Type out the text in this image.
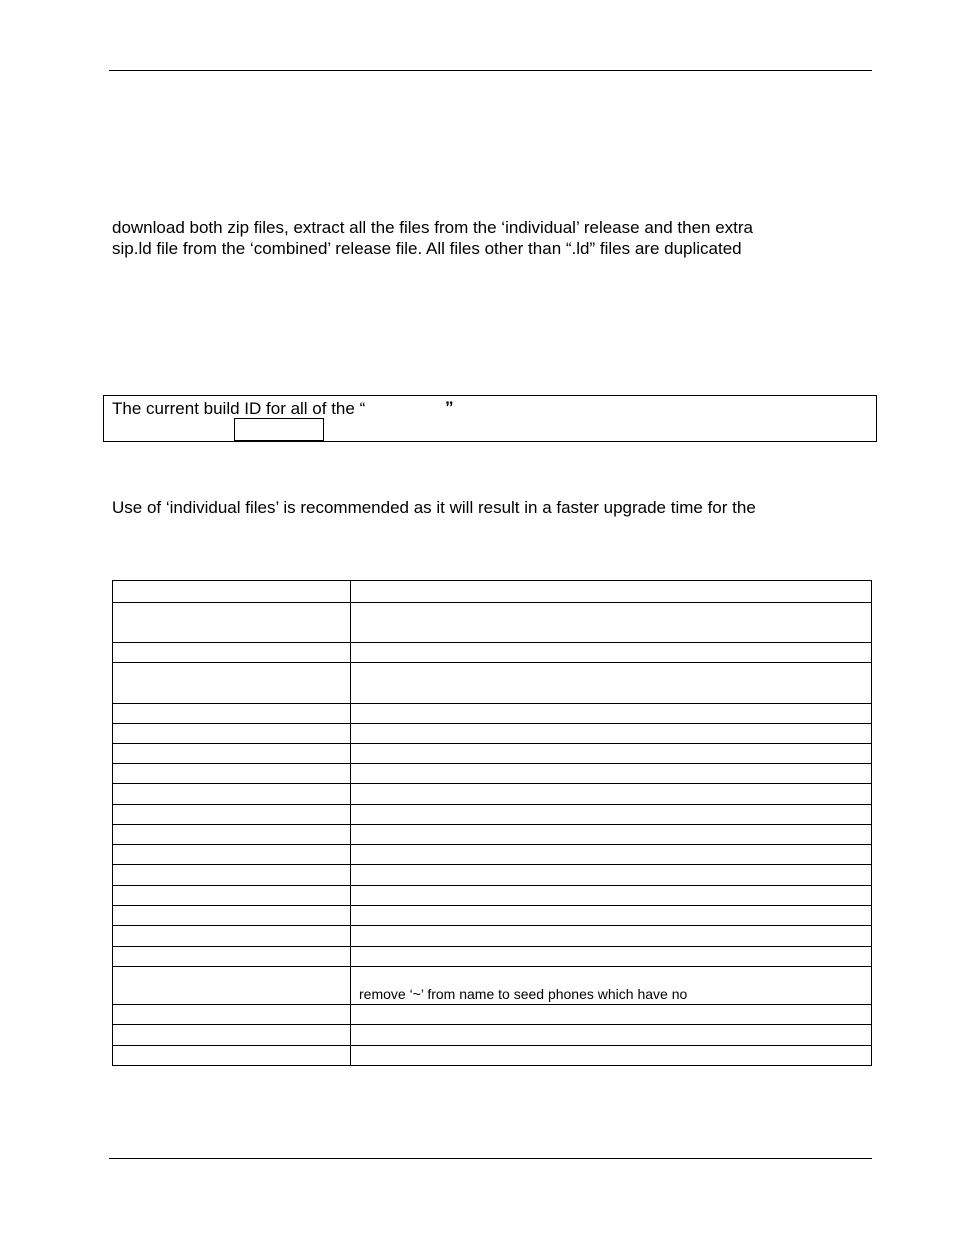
download both zip files, extract all the files from the ‘individual’ release and then extra
sip.ld file from the ‘combined’ release file. All files other than “.ld” files are duplicated
The current build ID for all of the “	”
Use of ‘individual files’ is recommended as it will result in a faster upgrade time for the

	remove ‘~’ from name to seed phones which have no
